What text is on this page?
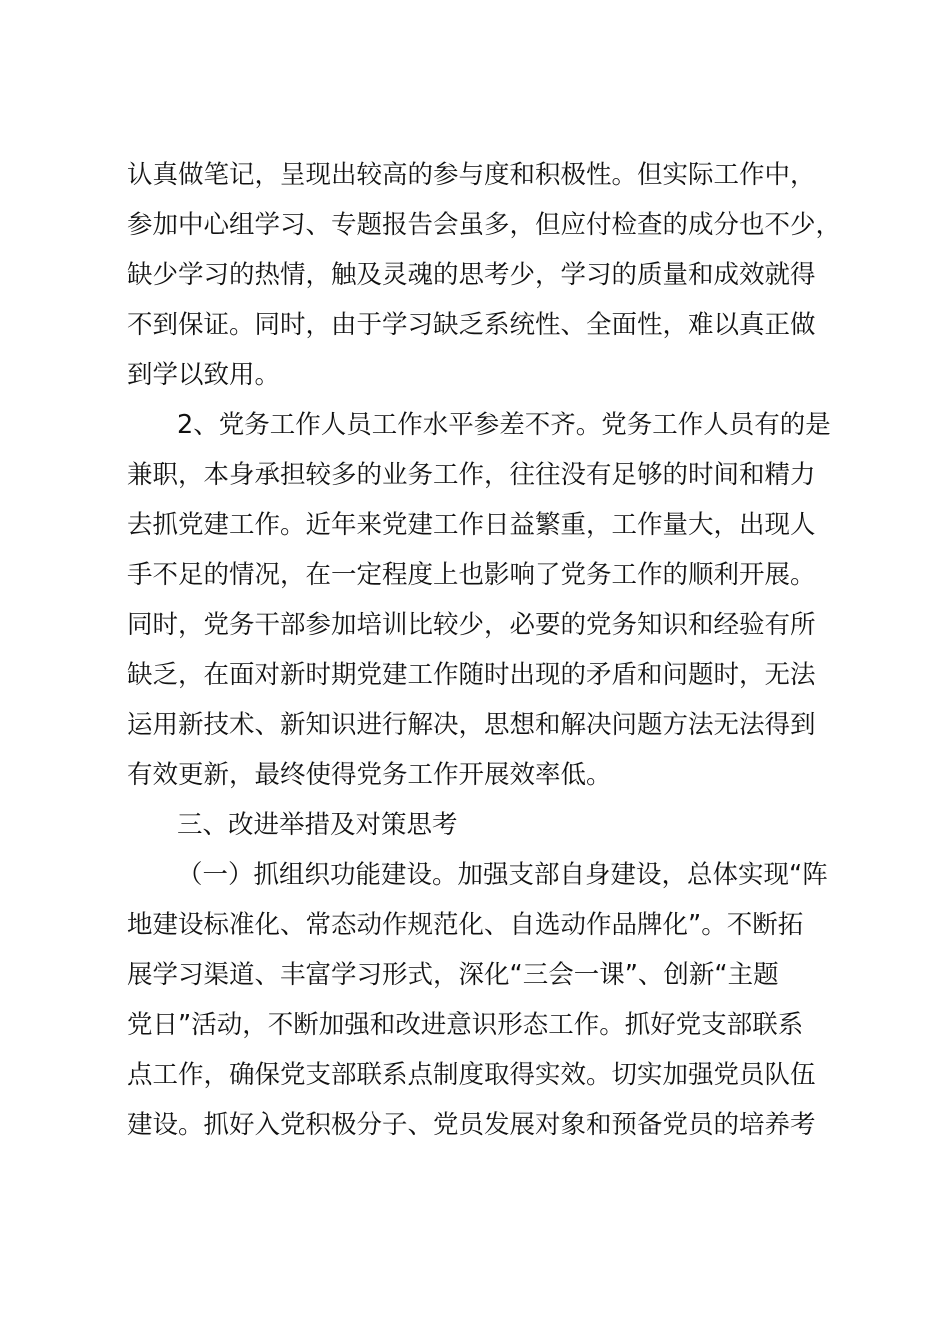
认真做笔记，呈现出较高的参与度和积极性。但实际工作中，
参加中心组学习、专题报告会虽多，但应付检查的成分也不少，
缺少学习的热情，触及灵魂的思考少，学习的质量和成效就得
不到保证。同时，由于学习缺乏系统性、全面性，难以真正做
到学以致用。
2、党务工作人员工作水平参差不齐。党务工作人员有的是
兼职，本身承担较多的业务工作，往往没有足够的时间和精力
去抓党建工作。近年来党建工作日益繁重，工作量大，出现人
手不足的情况，在一定程度上也影响了党务工作的顺利开展。
同时，党务干部参加培训比较少，必要的党务知识和经验有所
缺乏，在面对新时期党建工作随时出现的矛盾和问题时，无法
运用新技术、新知识进行解决，思想和解决问题方法无法得到
有效更新，最终使得党务工作开展效率低。
三、改进举措及对策思考
（一）抓组织功能建设。加强支部自身建设，总体实现“阵
地建设标准化、常态动作规范化、自选动作品牌化”。不断拓
展学习渠道、丰富学习形式，深化“三会一课”、创新“主题
党日”活动，不断加强和改进意识形态工作。抓好党支部联系
点工作，确保党支部联系点制度取得实效。切实加强党员队伍
建设。抓好入党积极分子、党员发展对象和预备党员的培养考
